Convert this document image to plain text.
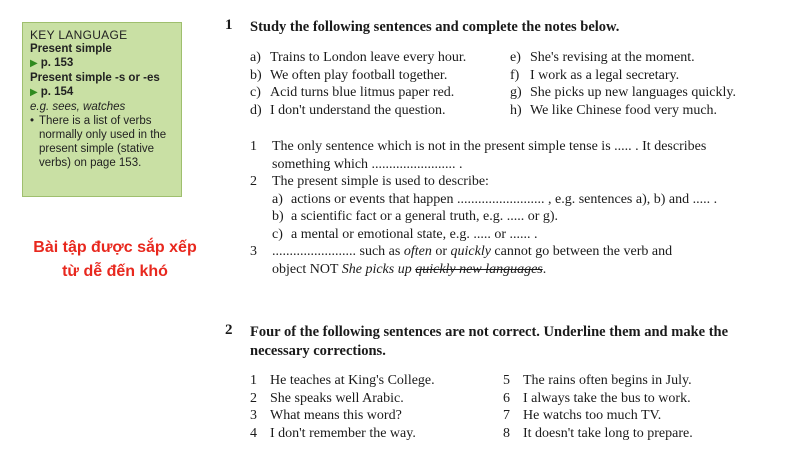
KEY LANGUAGE
Present simple
▶ p. 153
Present simple -s or -es
▶ p. 154
e.g. sees, watches
• There is a list of verbs normally only used in the present simple (stative verbs) on page 153.
Bài tập được sắp xếp từ dễ đến khó
1 Study the following sentences and complete the notes below.
a) Trains to London leave every hour.
b) We often play football together.
c) Acid turns blue litmus paper red.
d) I don't understand the question.
e) She's revising at the moment.
f) I work as a legal secretary.
g) She picks up new languages quickly.
h) We like Chinese food very much.
1 The only sentence which is not in the present simple tense is ..... . It describes
something which ........................ .
2 The present simple is used to describe:
a) actions or events that happen ......................... , e.g. sentences a), b) and ..... .
b) a scientific fact or a general truth, e.g. ..... or g).
c) a mental or emotional state, e.g. ..... or ...... .
3 ........................ such as often or quickly cannot go between the verb and
object NOT She picks up quickly new languages.
2 Four of the following sentences are not correct. Underline them and make the
necessary corrections.
1 He teaches at King's College.
2 She speaks well Arabic.
3 What means this word?
4 I don't remember the way.
5 The rains often begins in July.
6 I always take the bus to work.
7 He watchs too much TV.
8 It doesn't take long to prepare.
